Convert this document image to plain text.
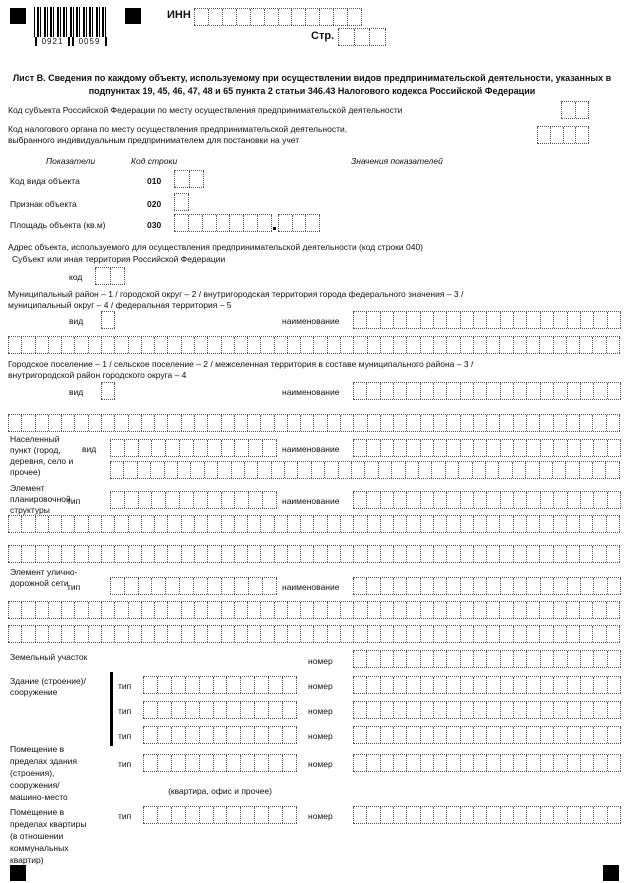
0921	0059
ИНН
Стр.
Лист В. Сведения по каждому объекту, используемому при осуществлении видов предпринимательской деятельности, указанных в подпунктах 19, 45, 46, 47, 48 и 65 пункта 2 статьи 346.43 Налогового кодекса Российской Федерации
Код субъекта Российской Федерации по месту осуществления предпринимательской деятельности
Код налогового органа по месту осуществления предпринимательской деятельности,
выбранного индивидуальным предпринимателем для постановки на учет
Показатели	Код строки	Значения показателей
Код вида объекта	010
Признак объекта	020
Площадь объекта (кв.м)	030
Адрес объекта, используемого для осуществления предпринимательской деятельности (код строки 040)
Субъект или иная территория Российской Федерации
код
Муниципальный район – 1 / городской округ – 2 / внутригородская территория города федерального значения – 3 /
муниципальный округ – 4 / федеральная территория – 5
вид	наименование
Городское поселение – 1 / сельское поселение – 2 / межселенная территория в составе муниципального района – 3 /
внутригородской район городского округа – 4
вид	наименование
Населенный пункт (город, деревня, село и прочее)
вид	наименование
Элемент планировочной структуры
тип	наименование
Элемент улично- дорожной сети
тип	наименование
Земельный участок	номер
Здание (строение)/ сооружение
тип	номер
тип	номер
тип	номер
Помещение в пределах здания (строения), сооружения/ машино-место
тип	номер
(квартира, офис и прочее)
Помещение в пределах квартиры (в отношении коммунальных квартир)
тип	номер
